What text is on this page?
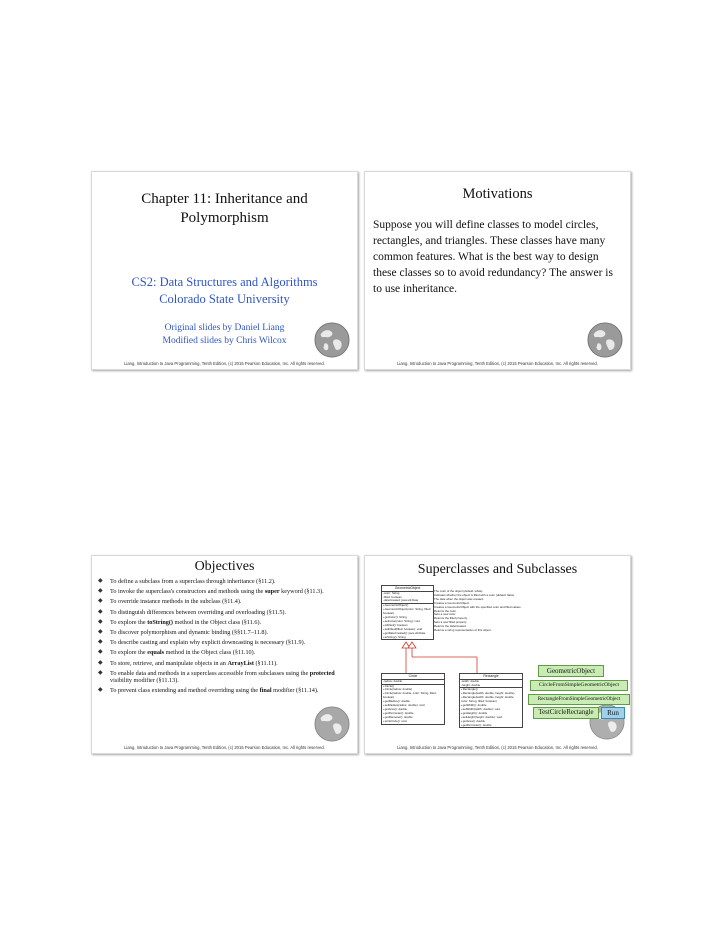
Chapter 11: Inheritance and
Polymorphism
CS2: Data Structures and Algorithms
Colorado State University
Original slides by Daniel Liang
Modified slides by Chris Wilcox
Liang, Introduction to Java Programming, Tenth Edition, (c) 2015 Pearson Education, Inc. All rights reserved.
Motivations
Suppose you will define classes to model circles, rectangles, and triangles. These classes have many common features. What is the best way to design these classes so to avoid redundancy? The answer is to use inheritance.
Liang, Introduction to Java Programming, Tenth Edition, (c) 2015 Pearson Education, Inc. All rights reserved.
Objectives
◆ To define a subclass from a superclass through inheritance (§11.2).
◆ To invoke the superclass's constructors and methods using the super keyword (§11.3).
◆ To override instance methods in the subclass (§11.4).
◆ To distinguish differences between overriding and overloading (§11.5).
◆ To explore the toString() method in the Object class (§11.6).
◆ To discover polymorphism and dynamic binding (§§11.7–11.8).
◆ To describe casting and explain why explicit downcasting is necessary (§11.9).
◆ To explore the equals method in the Object class (§11.10).
◆ To store, retrieve, and manipulate objects in an ArrayList (§11.11).
◆ To enable data and methods in a superclass accessible from subclasses using the protected visibility modifier (§11.13).
◆ To prevent class extending and method overriding using the final modifier (§11.14).
Liang, Introduction to Java Programming, Tenth Edition, (c) 2015 Pearson Education, Inc. All rights reserved.
Superclasses and Subclasses
GeometricObject
-color: String
-filled: boolean
-dateCreated: java.util.Date
+GeometricObject()
+GeometricObject(color: String, filled: boolean)
+getColor(): String
+setColor(color: String): void
+isFilled(): boolean
+setFilled(filled: boolean): void
+getDateCreated(): java.util.Date
+toString(): String
The color of the object (default: white).
Indicates whether the object is filled with a color (default: false).
The date when the object was created.
Creates a GeometricObject.
Creates a GeometricObject with the specified color and filled values.
Returns the color.
Sets a new color.
Returns the filled property.
Sets a new filled property.
Returns the dateCreated.
Returns a string representation of this object.
Circle
-radius: double
+Circle()
+Circle(radius: double)
+Circle(radius: double, color: String, filled: boolean)
+getRadius(): double
+setRadius(radius: double): void
+getArea(): double
+getPerimeter(): double
+getDiameter(): double
+printCircle(): void
Rectangle
-width: double
-height: double
+Rectangle()
+Rectangle(width: double, height: double)
+Rectangle(width: double, height: double, color: String, filled: boolean)
+getWidth(): double
+setWidth(width: double): void
+getHeight(): double
+setHeight(height: double): void
+getArea(): double
+getPerimeter(): double
GeometricObject
CircleFromSimpleGeometricObject
RectangleFromSimpleGeometricObject
TestCircleRectangle	Run
Liang, Introduction to Java Programming, Tenth Edition, (c) 2015 Pearson Education, Inc. All rights reserved.
